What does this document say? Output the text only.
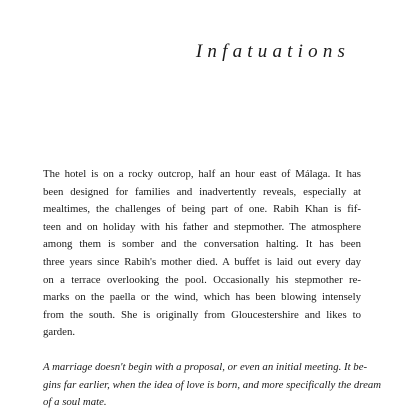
Infatuations

The hotel is on a rocky outcrop, half an hour east of Málaga. It has
been designed for families and inadvertently reveals, especially at
mealtimes, the challenges of being part of one. Rabih Khan is fif-
teen and on holiday with his father and stepmother. The atmosphere
among them is somber and the conversation halting. It has been
three years since Rabih's mother died. A buffet is laid out every day
on a terrace overlooking the pool. Occasionally his stepmother re-
marks on the paella or the wind, which has been blowing intensely
from the south. She is originally from Gloucestershire and likes to
garden.

A marriage doesn't begin with a proposal, or even an initial meeting. It be-
gins far earlier, when the idea of love is born, and more specifically the dream
of a soul mate.
